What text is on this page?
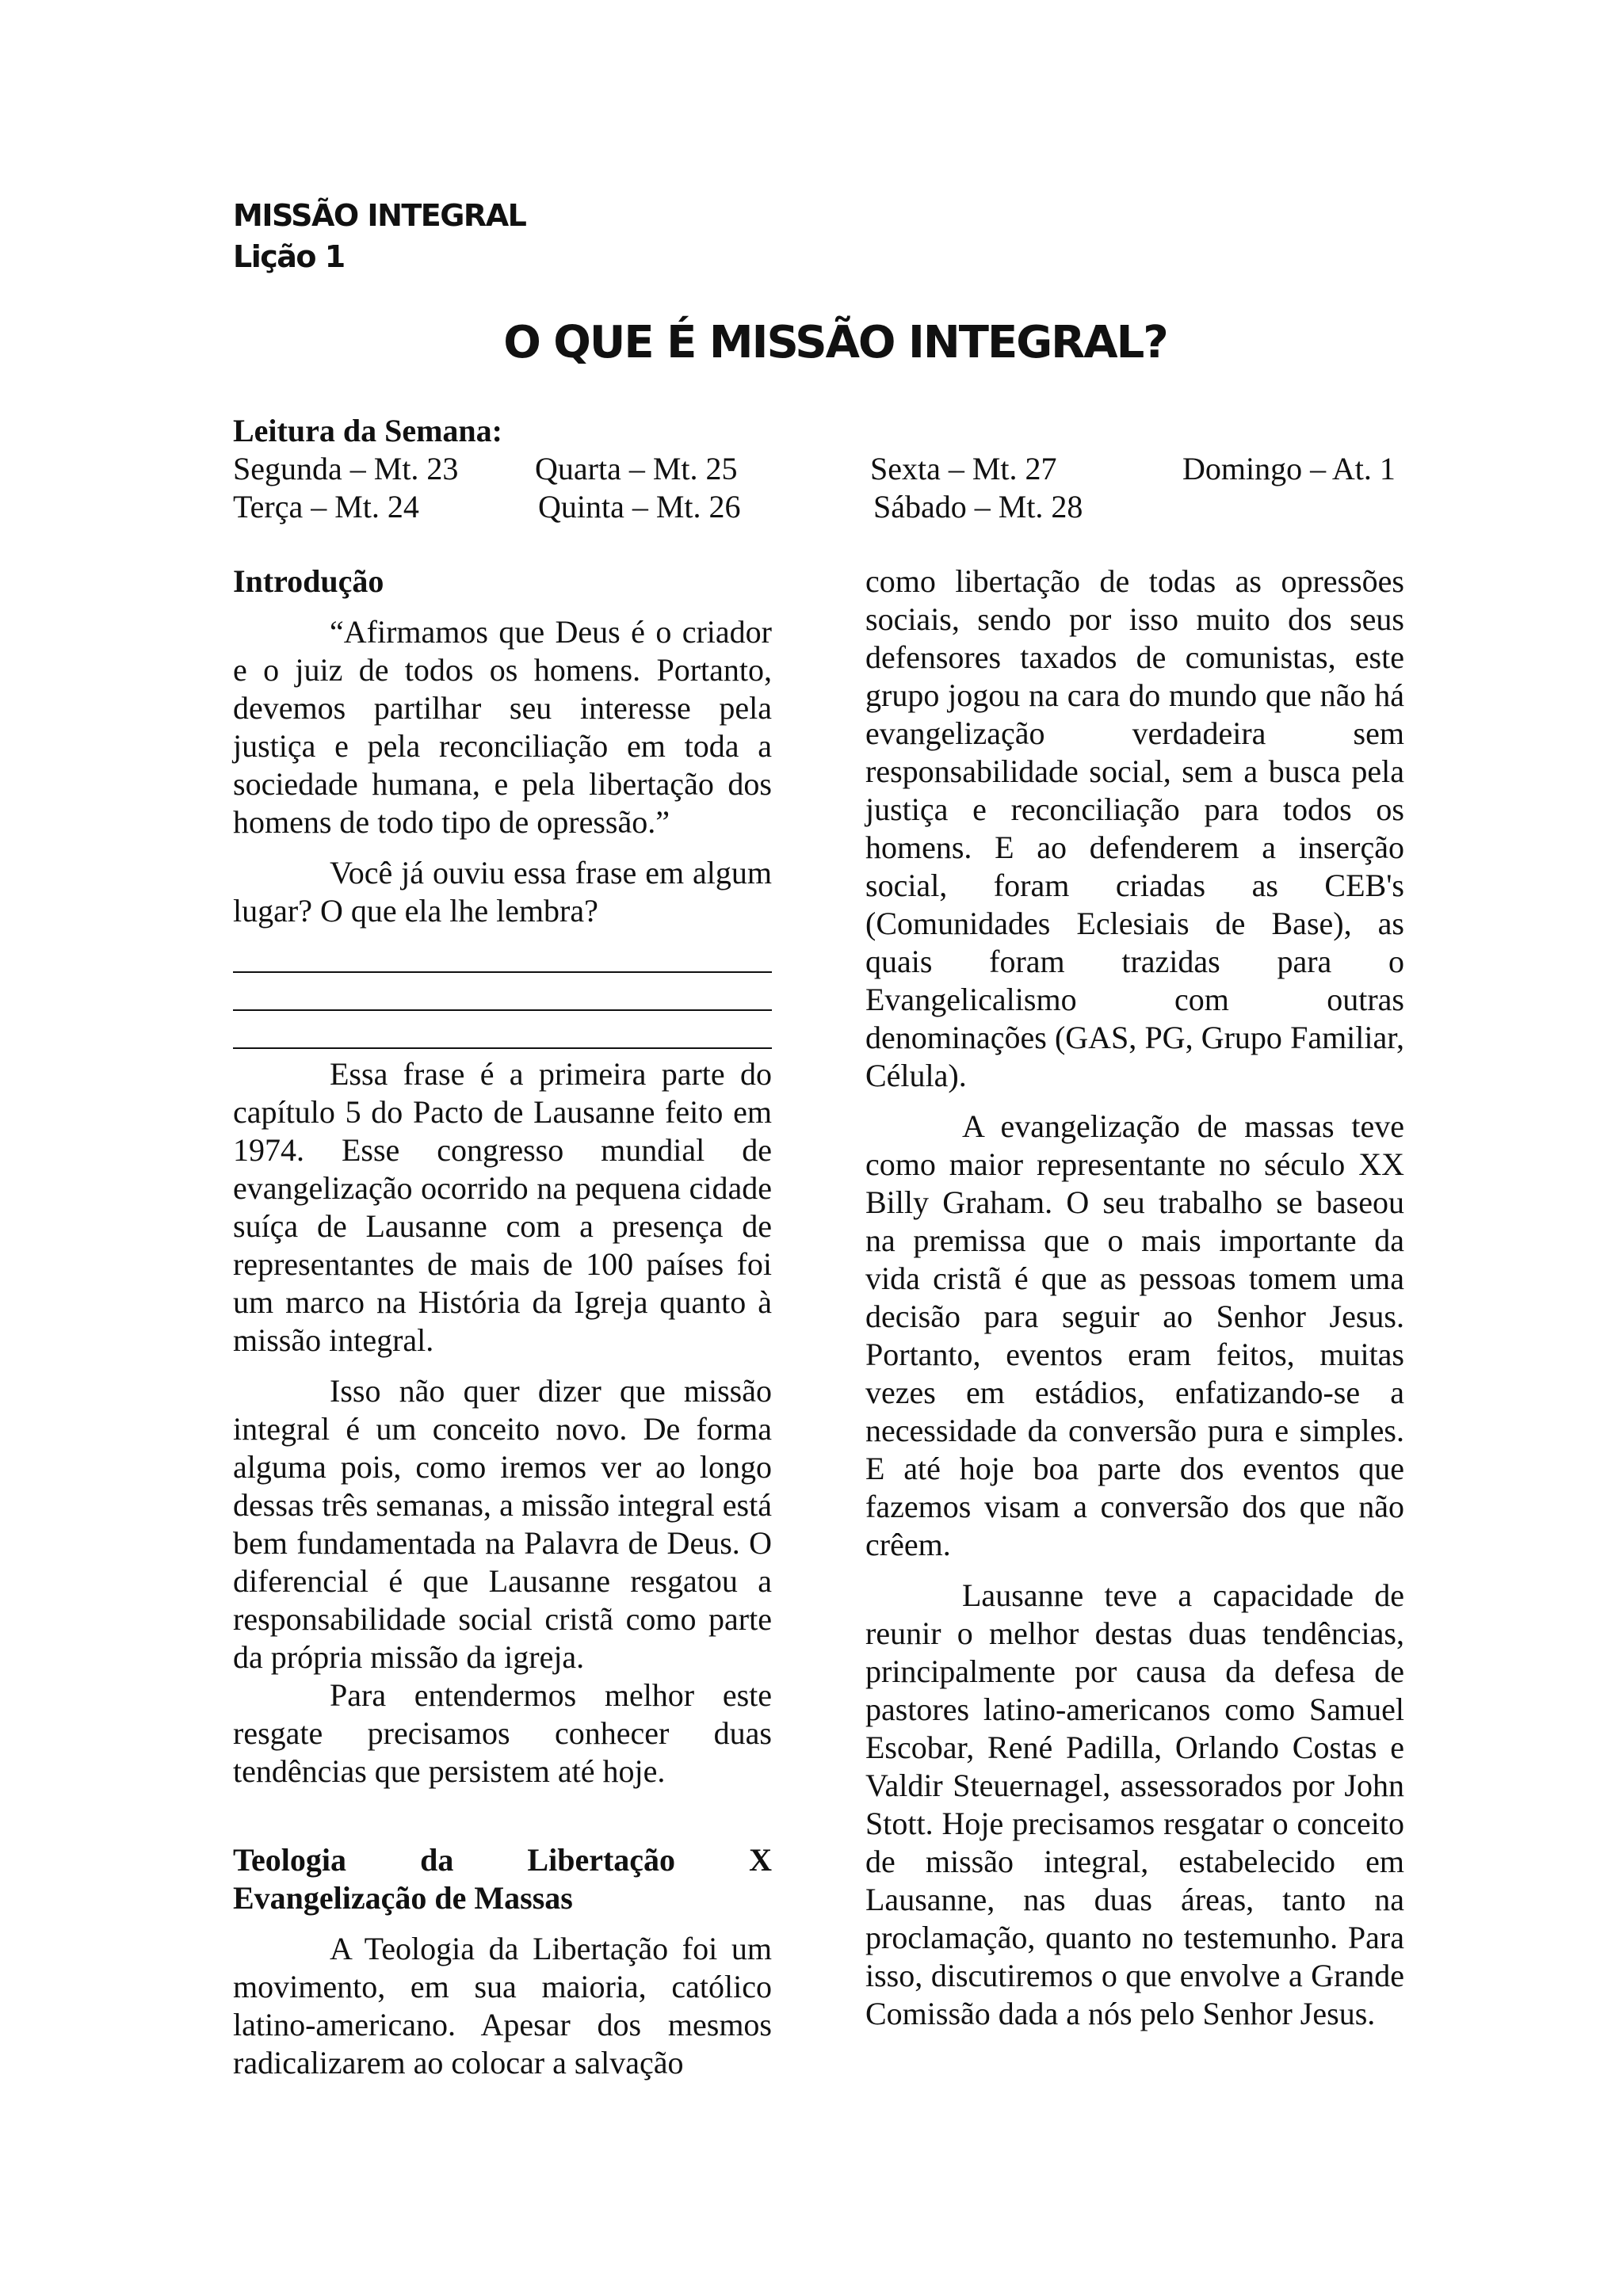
MISSÃO INTEGRAL
Lição 1
O QUE É MISSÃO INTEGRAL?
Leitura da Semana:
Segunda – Mt. 23 Quarta – Mt. 25	Sexta – Mt. 27	Domingo – At. 1
Terça – Mt. 24	Quinta – Mt. 26	Sábado – Mt. 28
Introdução

“Afirmamos que Deus é o criador e o juiz de todos os homens. Portanto, devemos partilhar seu interesse pela justiça e pela reconciliação em toda a sociedade humana, e pela libertação dos homens de todo tipo de opressão.”

Você já ouviu essa frase em algum lugar? O que ela lhe lembra?

Essa frase é a primeira parte do capítulo 5 do Pacto de Lausanne feito em 1974. Esse congresso mundial de evangelização ocorrido na pequena cidade suíça de Lausanne com a presença de representantes de mais de 100 países foi um marco na História da Igreja quanto à missão integral.

Isso não quer dizer que missão integral é um conceito novo. De forma alguma pois, como iremos ver ao longo dessas três semanas, a missão integral está bem fundamentada na Palavra de Deus. O diferencial é que Lausanne resgatou a responsabilidade social cristã como parte da própria missão da igreja.

Para entendermos melhor este resgate precisamos conhecer duas tendências que persistem até hoje.

Teologia da Libertação X
Evangelização de Massas

A Teologia da Libertação foi um movimento, em sua maioria, católico latino-americano. Apesar dos mesmos radicalizarem ao colocar a salvação

como libertação de todas as opressões sociais, sendo por isso muito dos seus defensores taxados de comunistas, este grupo jogou na cara do mundo que não há evangelização verdadeira sem responsabilidade social, sem a busca pela justiça e reconciliação para todos os homens. E ao defenderem a inserção social, foram criadas as CEB's (Comunidades Eclesiais de Base), as quais foram trazidas para o Evangelicalismo com outras denominações (GAS, PG, Grupo Familiar, Célula).

A evangelização de massas teve como maior representante no século XX Billy Graham. O seu trabalho se baseou na premissa que o mais importante da vida cristã é que as pessoas tomem uma decisão para seguir ao Senhor Jesus. Portanto, eventos eram feitos, muitas vezes em estádios, enfatizando-se a necessidade da conversão pura e simples. E até hoje boa parte dos eventos que fazemos visam a conversão dos que não crêem.

Lausanne teve a capacidade de reunir o melhor destas duas tendências, principalmente por causa da defesa de pastores latino-americanos como Samuel Escobar, René Padilla, Orlando Costas e Valdir Steuernagel, assessorados por John Stott. Hoje precisamos resgatar o conceito de missão integral, estabelecido em Lausanne, nas duas áreas, tanto na proclamação, quanto no testemunho. Para isso, discutiremos o que envolve a Grande Comissão dada a nós pelo Senhor Jesus.
